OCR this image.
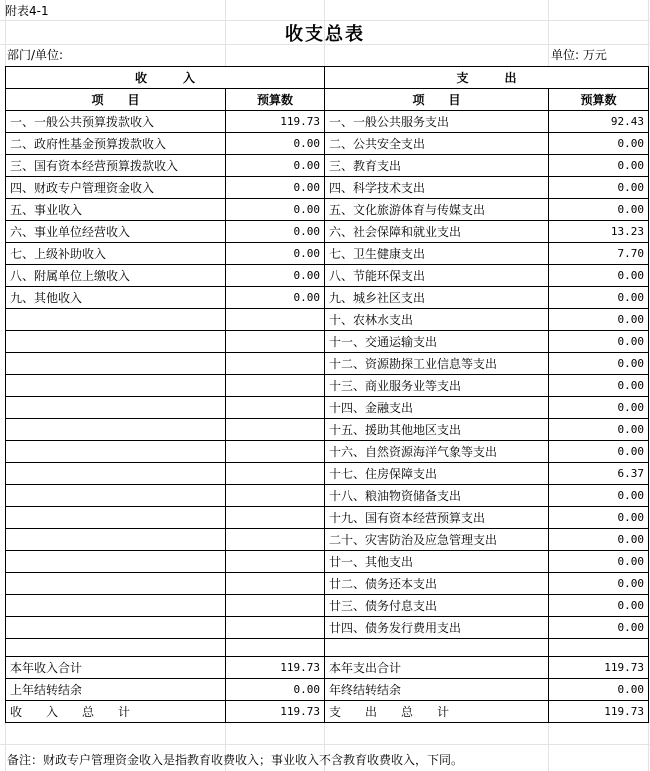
附表4-1
收支总表
部门/单位:	单位: 万元
收　　　入		支　　　出	
项　　目	预算数	项　　目	预算数
一、一般公共预算拨款收入	119.73	一、一般公共服务支出	92.43
二、政府性基金预算拨款收入	0.00	二、公共安全支出	0.00
三、国有资本经营预算拨款收入	0.00	三、教育支出	0.00
四、财政专户管理资金收入	0.00	四、科学技术支出	0.00
五、事业收入	0.00	五、文化旅游体育与传媒支出	0.00
六、事业单位经营收入	0.00	六、社会保障和就业支出	13.23
七、上级补助收入	0.00	七、卫生健康支出	7.70
八、附属单位上缴收入	0.00	八、节能环保支出	0.00
九、其他收入	0.00	九、城乡社区支出	0.00
		十、农林水支出	0.00
		十一、交通运输支出	0.00
		十二、资源勘探工业信息等支出	0.00
		十三、商业服务业等支出	0.00
		十四、金融支出	0.00
		十五、援助其他地区支出	0.00
		十六、自然资源海洋气象等支出	0.00
		十七、住房保障支出	6.37
		十八、粮油物资储备支出	0.00
		十九、国有资本经营预算支出	0.00
		二十、灾害防治及应急管理支出	0.00
		廿一、其他支出	0.00
		廿二、债务还本支出	0.00
		廿三、债务付息支出	0.00
		廿四、债务发行费用支出	0.00

本年收入合计	119.73	本年支出合计	119.73
上年结转结余	0.00	年终结转结余	0.00
收　　入　　总　　计	119.73	支　　出　　总　　计	119.73
备注：财政专户管理资金收入是指教育收费收入；事业收入不含教育收费收入，下同。
